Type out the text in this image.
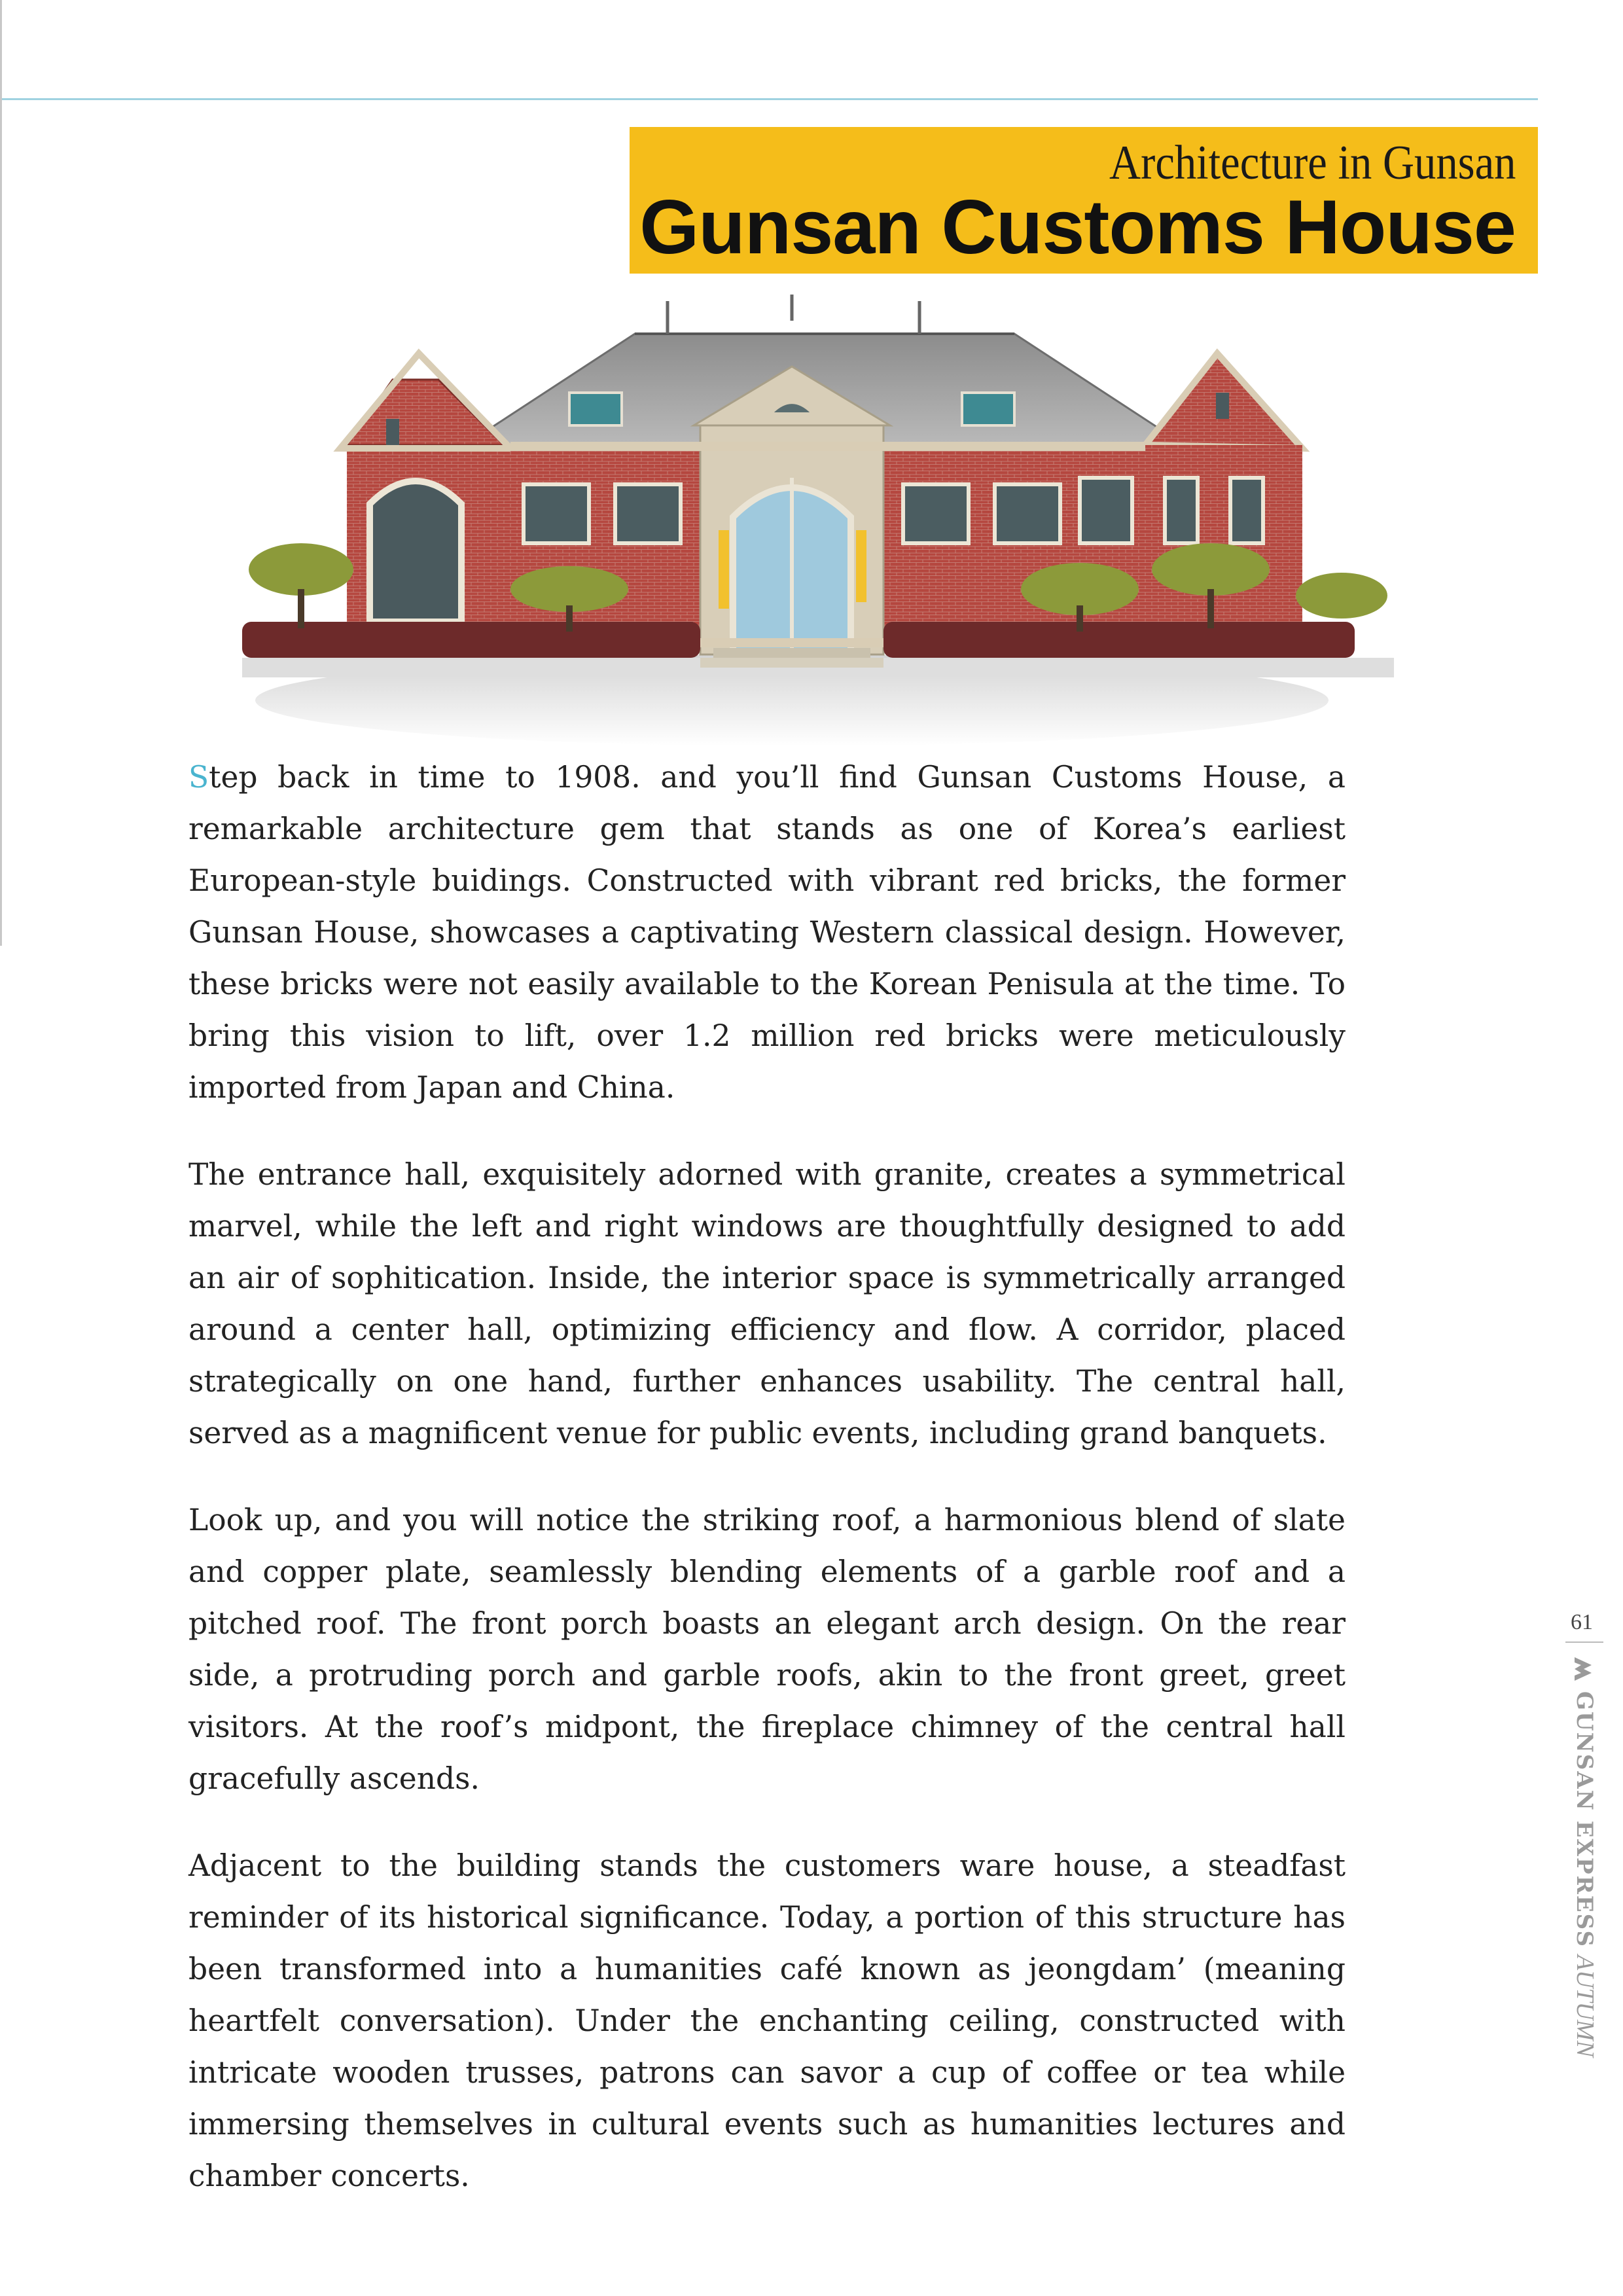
Architecture in Gunsan
Gunsan Customs House

Step back in time to 1908. and you’ll find Gunsan Customs House, a remarkable architecture gem that stands as one of Korea’s earliest European-style buidings. Constructed with vibrant red bricks, the former Gunsan House, showcases a captivating Western classical design. However, these bricks were not easily available to the Korean Penisula at the time. To bring this vision to lift, over 1.2 million red bricks were meticulously imported from Japan and China.

The entrance hall, exquisitely adorned with granite, creates a symmetrical marvel, while the left and right windows are thoughtfully designed to add an air of sophitication. Inside, the interior space is symmetrically arranged around a center hall, optimizing efficiency and flow. A corridor, placed strategically on one hand, further enhances usability. The central hall, served as a magnificent venue for public events, including grand banquets.

Look up, and you will notice the striking roof, a harmonious blend of slate and copper plate, seamlessly blending elements of a garble roof and a pitched roof. The front porch boasts an elegant arch design. On the rear side, a protruding porch and garble roofs, akin to the front greet, greet visitors. At the roof’s midpont, the fireplace chimney of the central hall gracefully ascends.

Adjacent to the building stands the customers ware house, a steadfast reminder of its historical significance. Today, a portion of this structure has been transformed into a humanities café known as jeongdam’ (meaning heartfelt conversation). Under the enchanting ceiling, constructed with intricate wooden trusses, patrons can savor a cup of coffee or tea while immersing themselves in cultural events such as humanities lectures and chamber concerts.

61
GUNSAN EXPRESS AUTUMN
